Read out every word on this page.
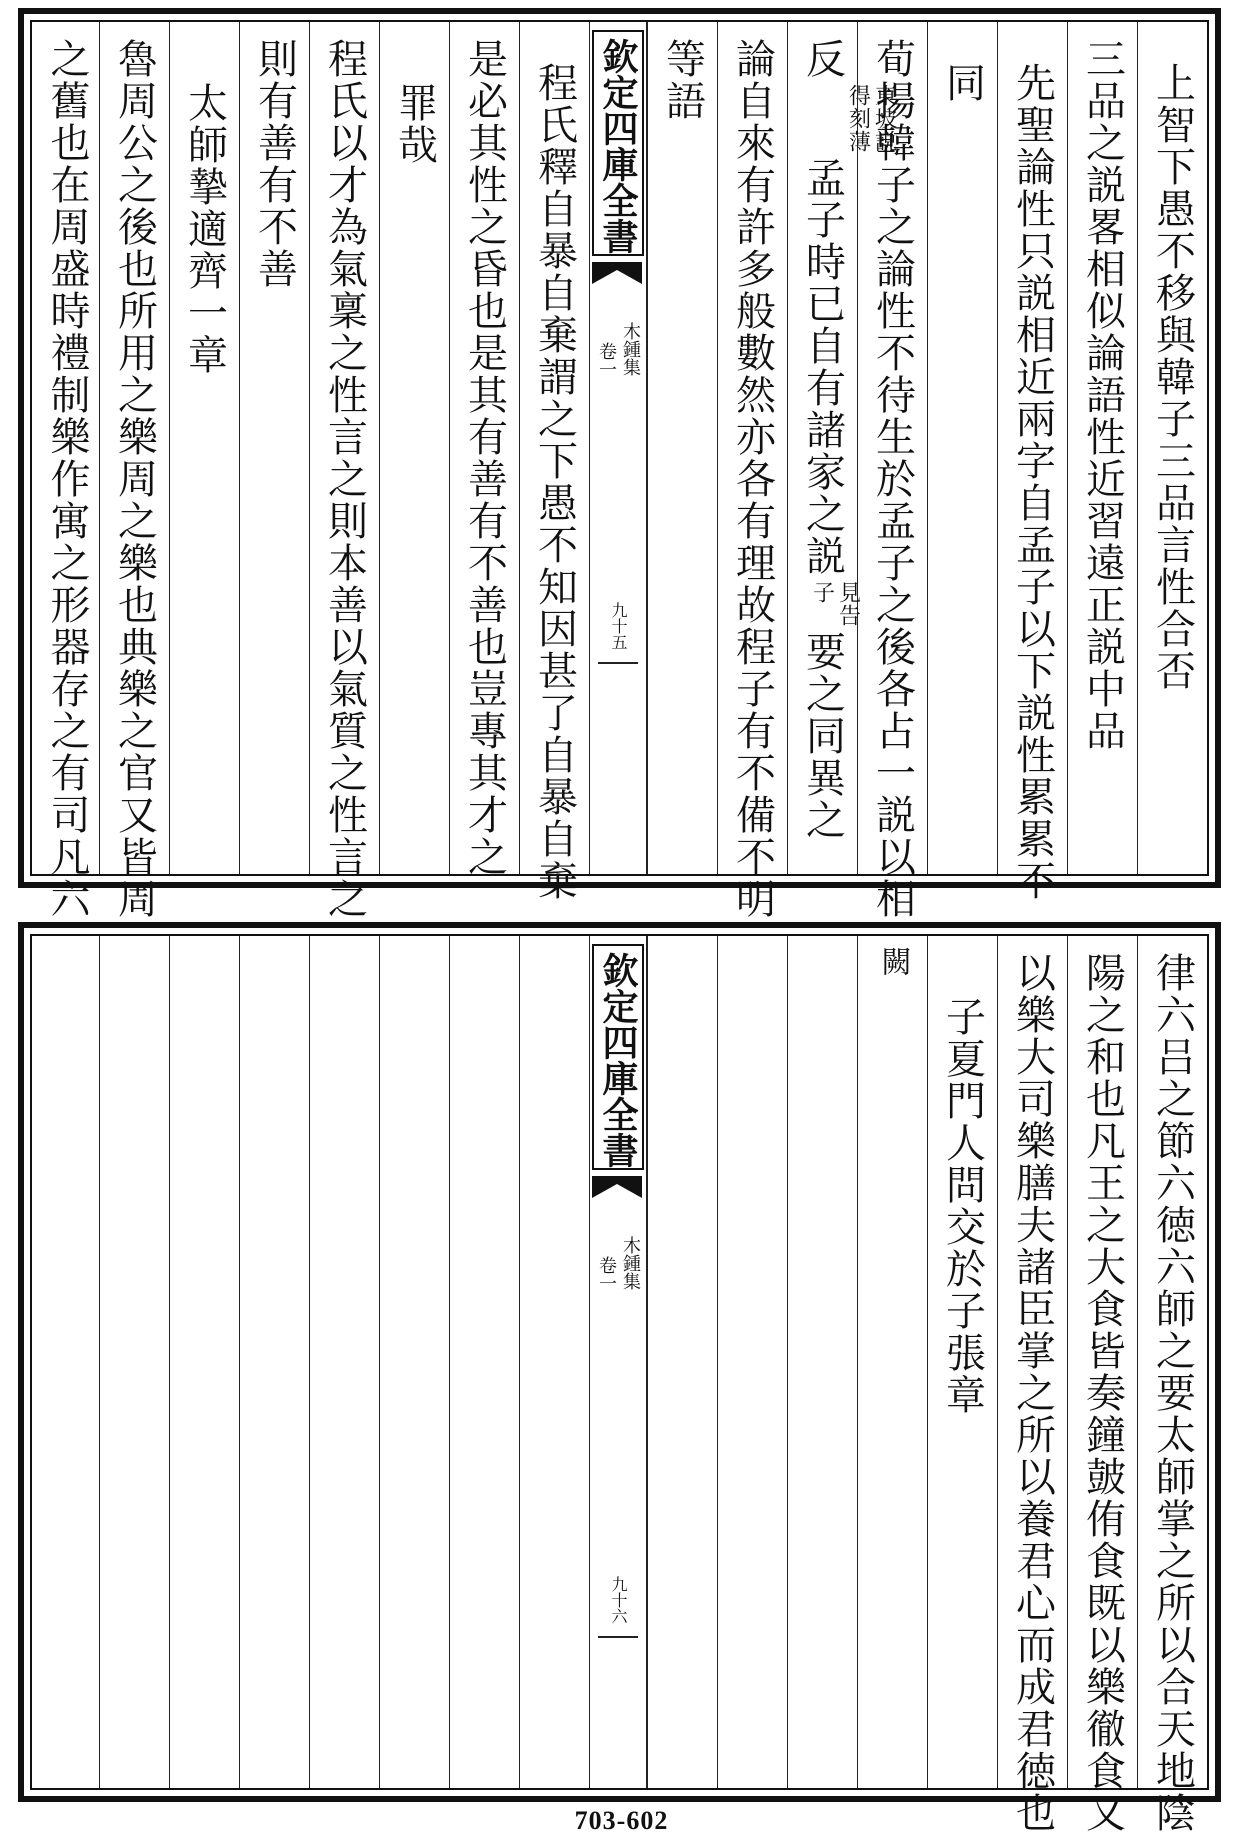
上智下愚不移與韓子三品言性合否
三品之説畧相似論語性近習遠正説中品
先聖論性只説相近兩字自孟子以下説性累累不
同
荀揚韓子之論性不待生於孟子之後各占一説以相
反
東坡説
得刻薄
孟子時已自有諸家之説
見告
子
要之同異之
論自來有許多般數然亦各有理故程子有不備不明
等語
欽定四庫全書
木鍾集
卷一
九十五
程氏釋自暴自棄謂之下愚不知因甚了自暴自棄
是必其性之昏也是其有善有不善也豈專其才之
罪哉
程氏以才為氣稟之性言之則本善以氣質之性言之
則有善有不善
太師摯適齊一章
魯周公之後也所用之樂周之樂也典樂之官又皆周
之舊也在周盛時禮制樂作寓之形器存之有司凡六
律六吕之節六徳六師之要太師掌之所以合天地陰
陽之和也凡王之大食皆奏鐘皷侑食既以樂徹食又
以樂大司樂膳夫諸臣掌之所以養君心而成君徳也
子夏門人問交於子張章
闕
欽定四庫全書
木鍾集
卷一
九十六
703-602
